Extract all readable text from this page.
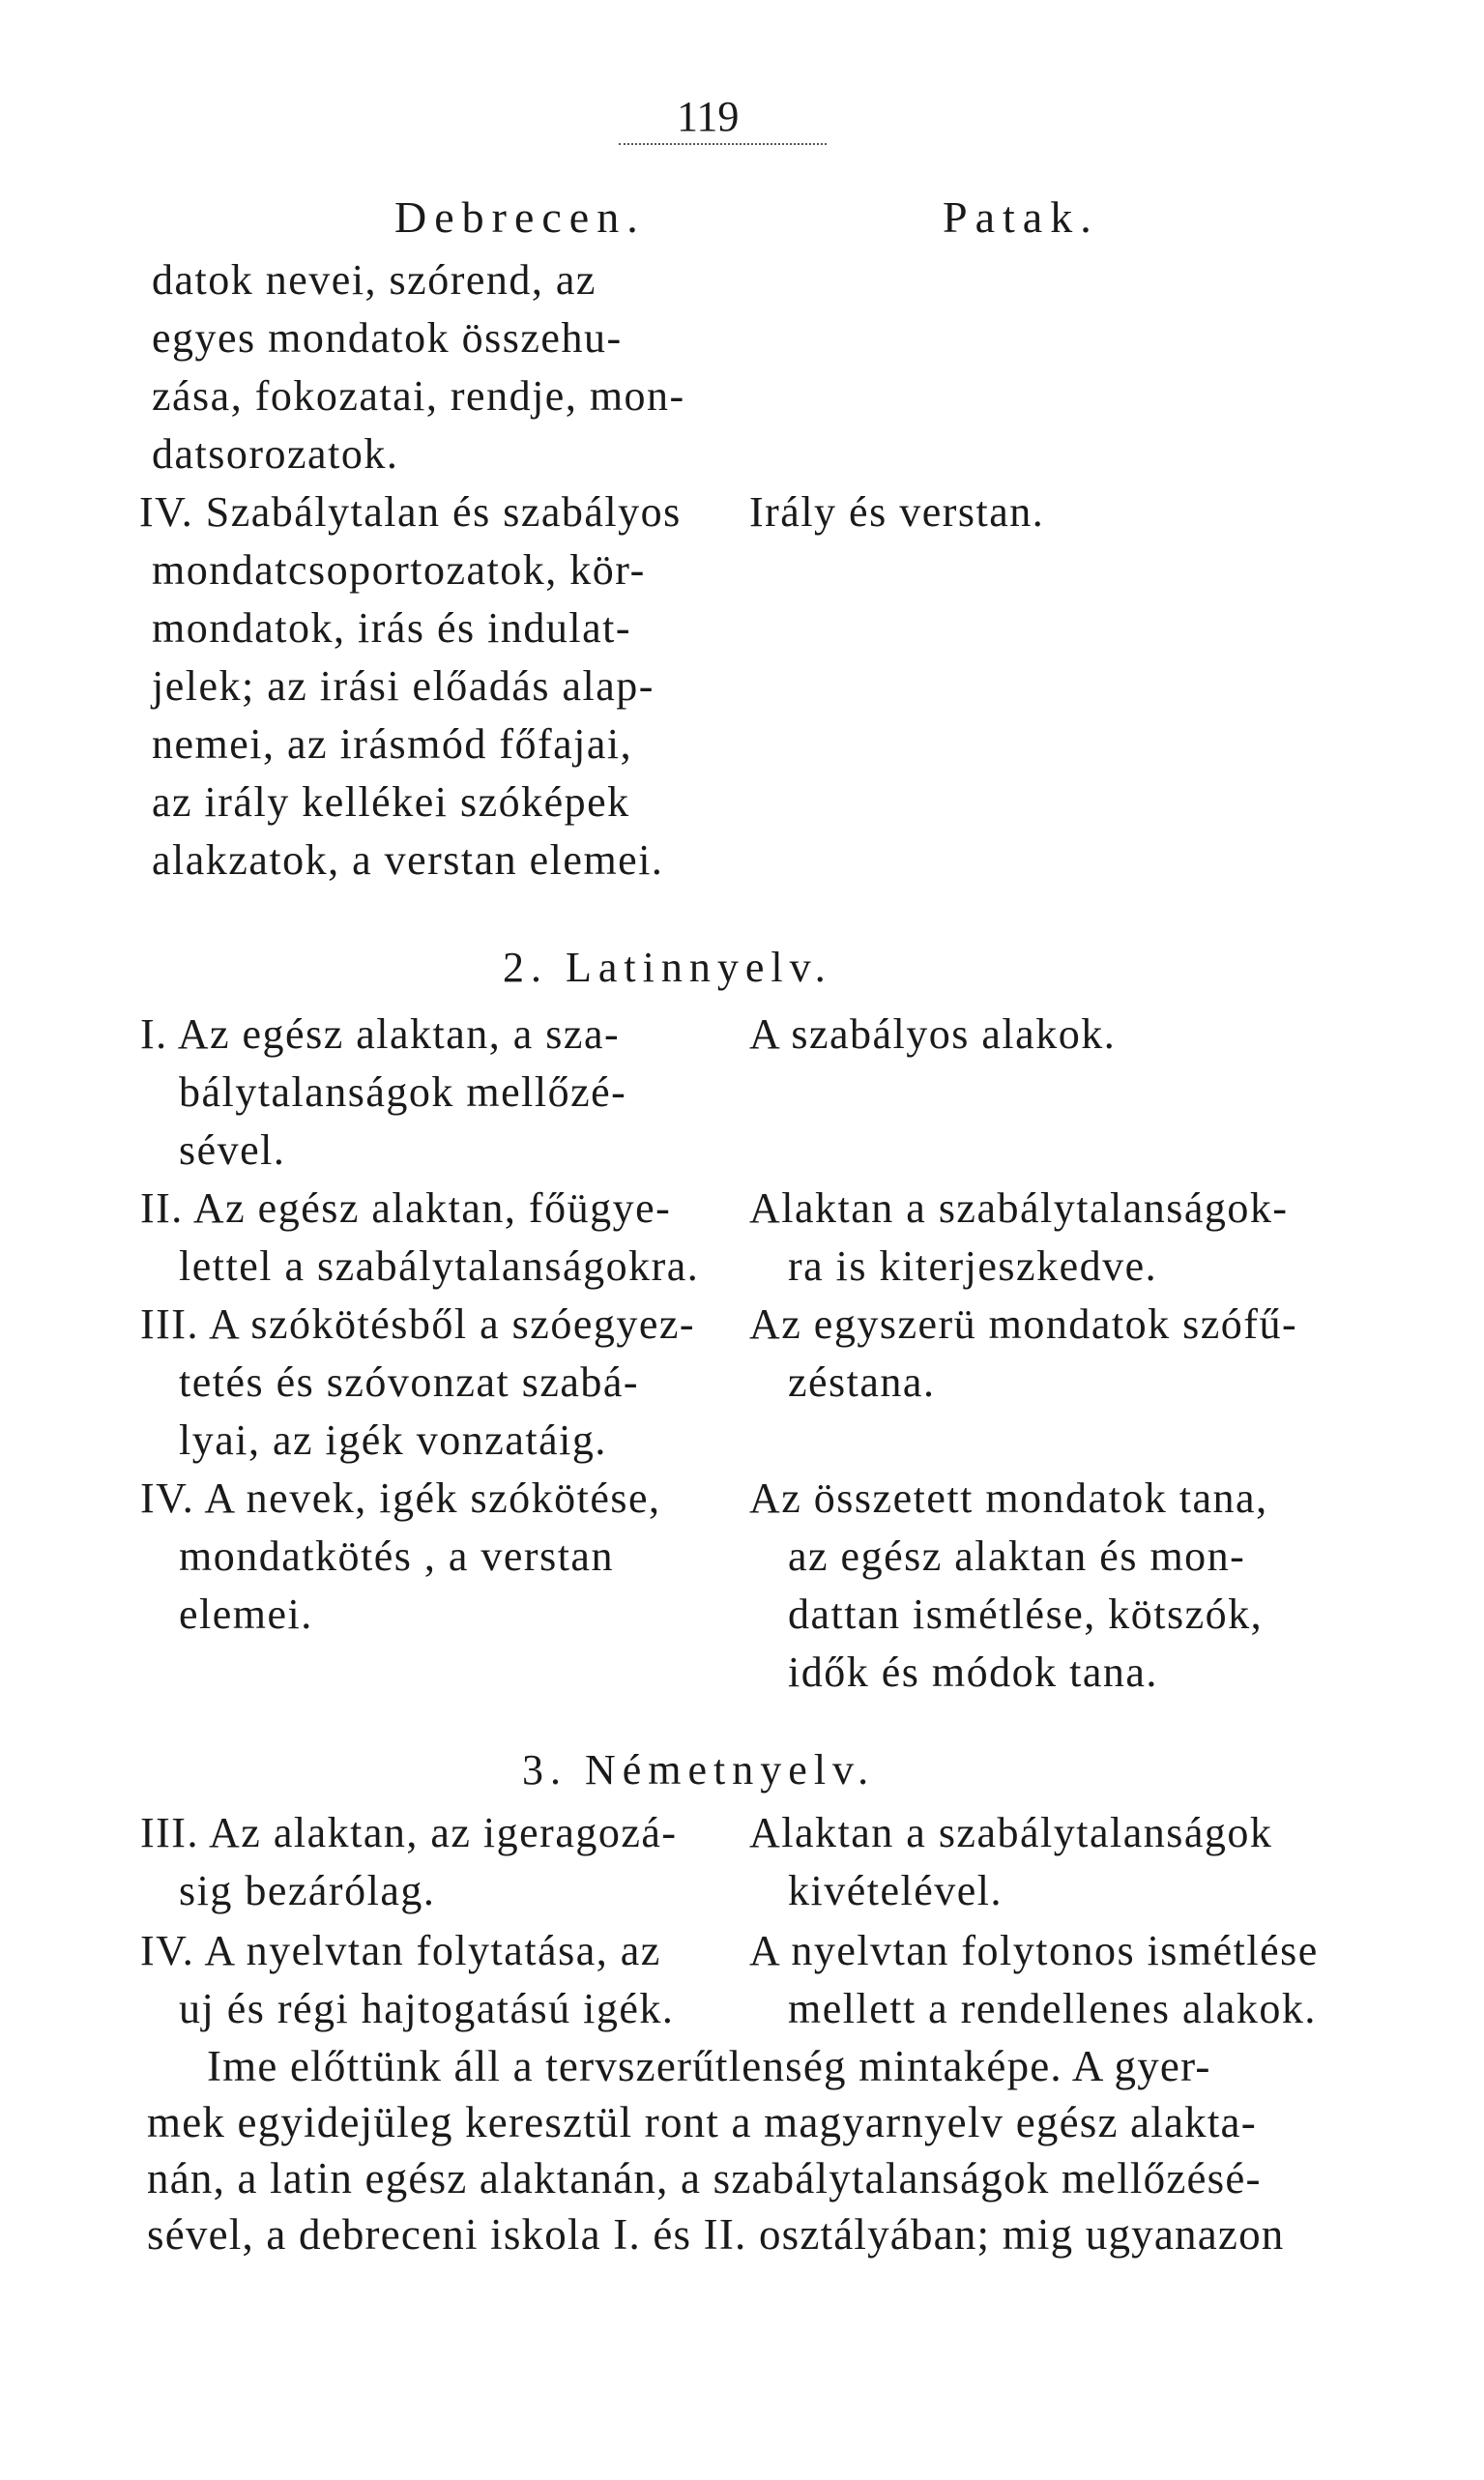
119
Debrecen.	Patak.
datok nevei, szórend, az
egyes mondatok összehu-
zása, fokozatai, rendje, mon-
datsorozatok.
IV. Szabálytalan és szabályos
mondatcsoportozatok, kör-
mondatok, irás és indulat-
jelek; az irási előadás alap-
nemei, az irásmód főfajai,
az irály kellékei szóképek
alakzatok, a verstan elemei.
Irály és verstan.
2. Latinnyelv.
I. Az egész alaktan, a sza-
bálytalanságok mellőzé-
sével.
A szabályos alakok.
II. Az egész alaktan, főügye-
lettel a szabálytalanságokra.
Alaktan a szabálytalanságok-
ra is kiterjeszkedve.
III. A szókötésből a szóegyez-
tetés és szóvonzat szabá-
lyai, az igék vonzatáig.
Az egyszerü mondatok szófű-
zéstana.
IV. A nevek, igék szókötése,
mondatkötés , a verstan
elemei.
Az összetett mondatok tana,
az egész alaktan és mon-
dattan ismétlése, kötszók,
idők és módok tana.
3. Németnyelv.
III. Az alaktan, az igeragozá-
sig bezárólag.
Alaktan a szabálytalanságok
kivételével.
IV. A nyelvtan folytatása, az
uj és régi hajtogatású igék.
A nyelvtan folytonos ismétlése
mellett a rendellenes alakok.
Ime előttünk áll a tervszerűtlenség mintaképe. A gyer-
mek egyidejüleg keresztül ront a magyarnyelv egész alakta-
nán, a latin egész alaktanán, a szabálytalanságok mellőzésé-
sével, a debreceni iskola I. és II. osztályában; mig ugyanazon
